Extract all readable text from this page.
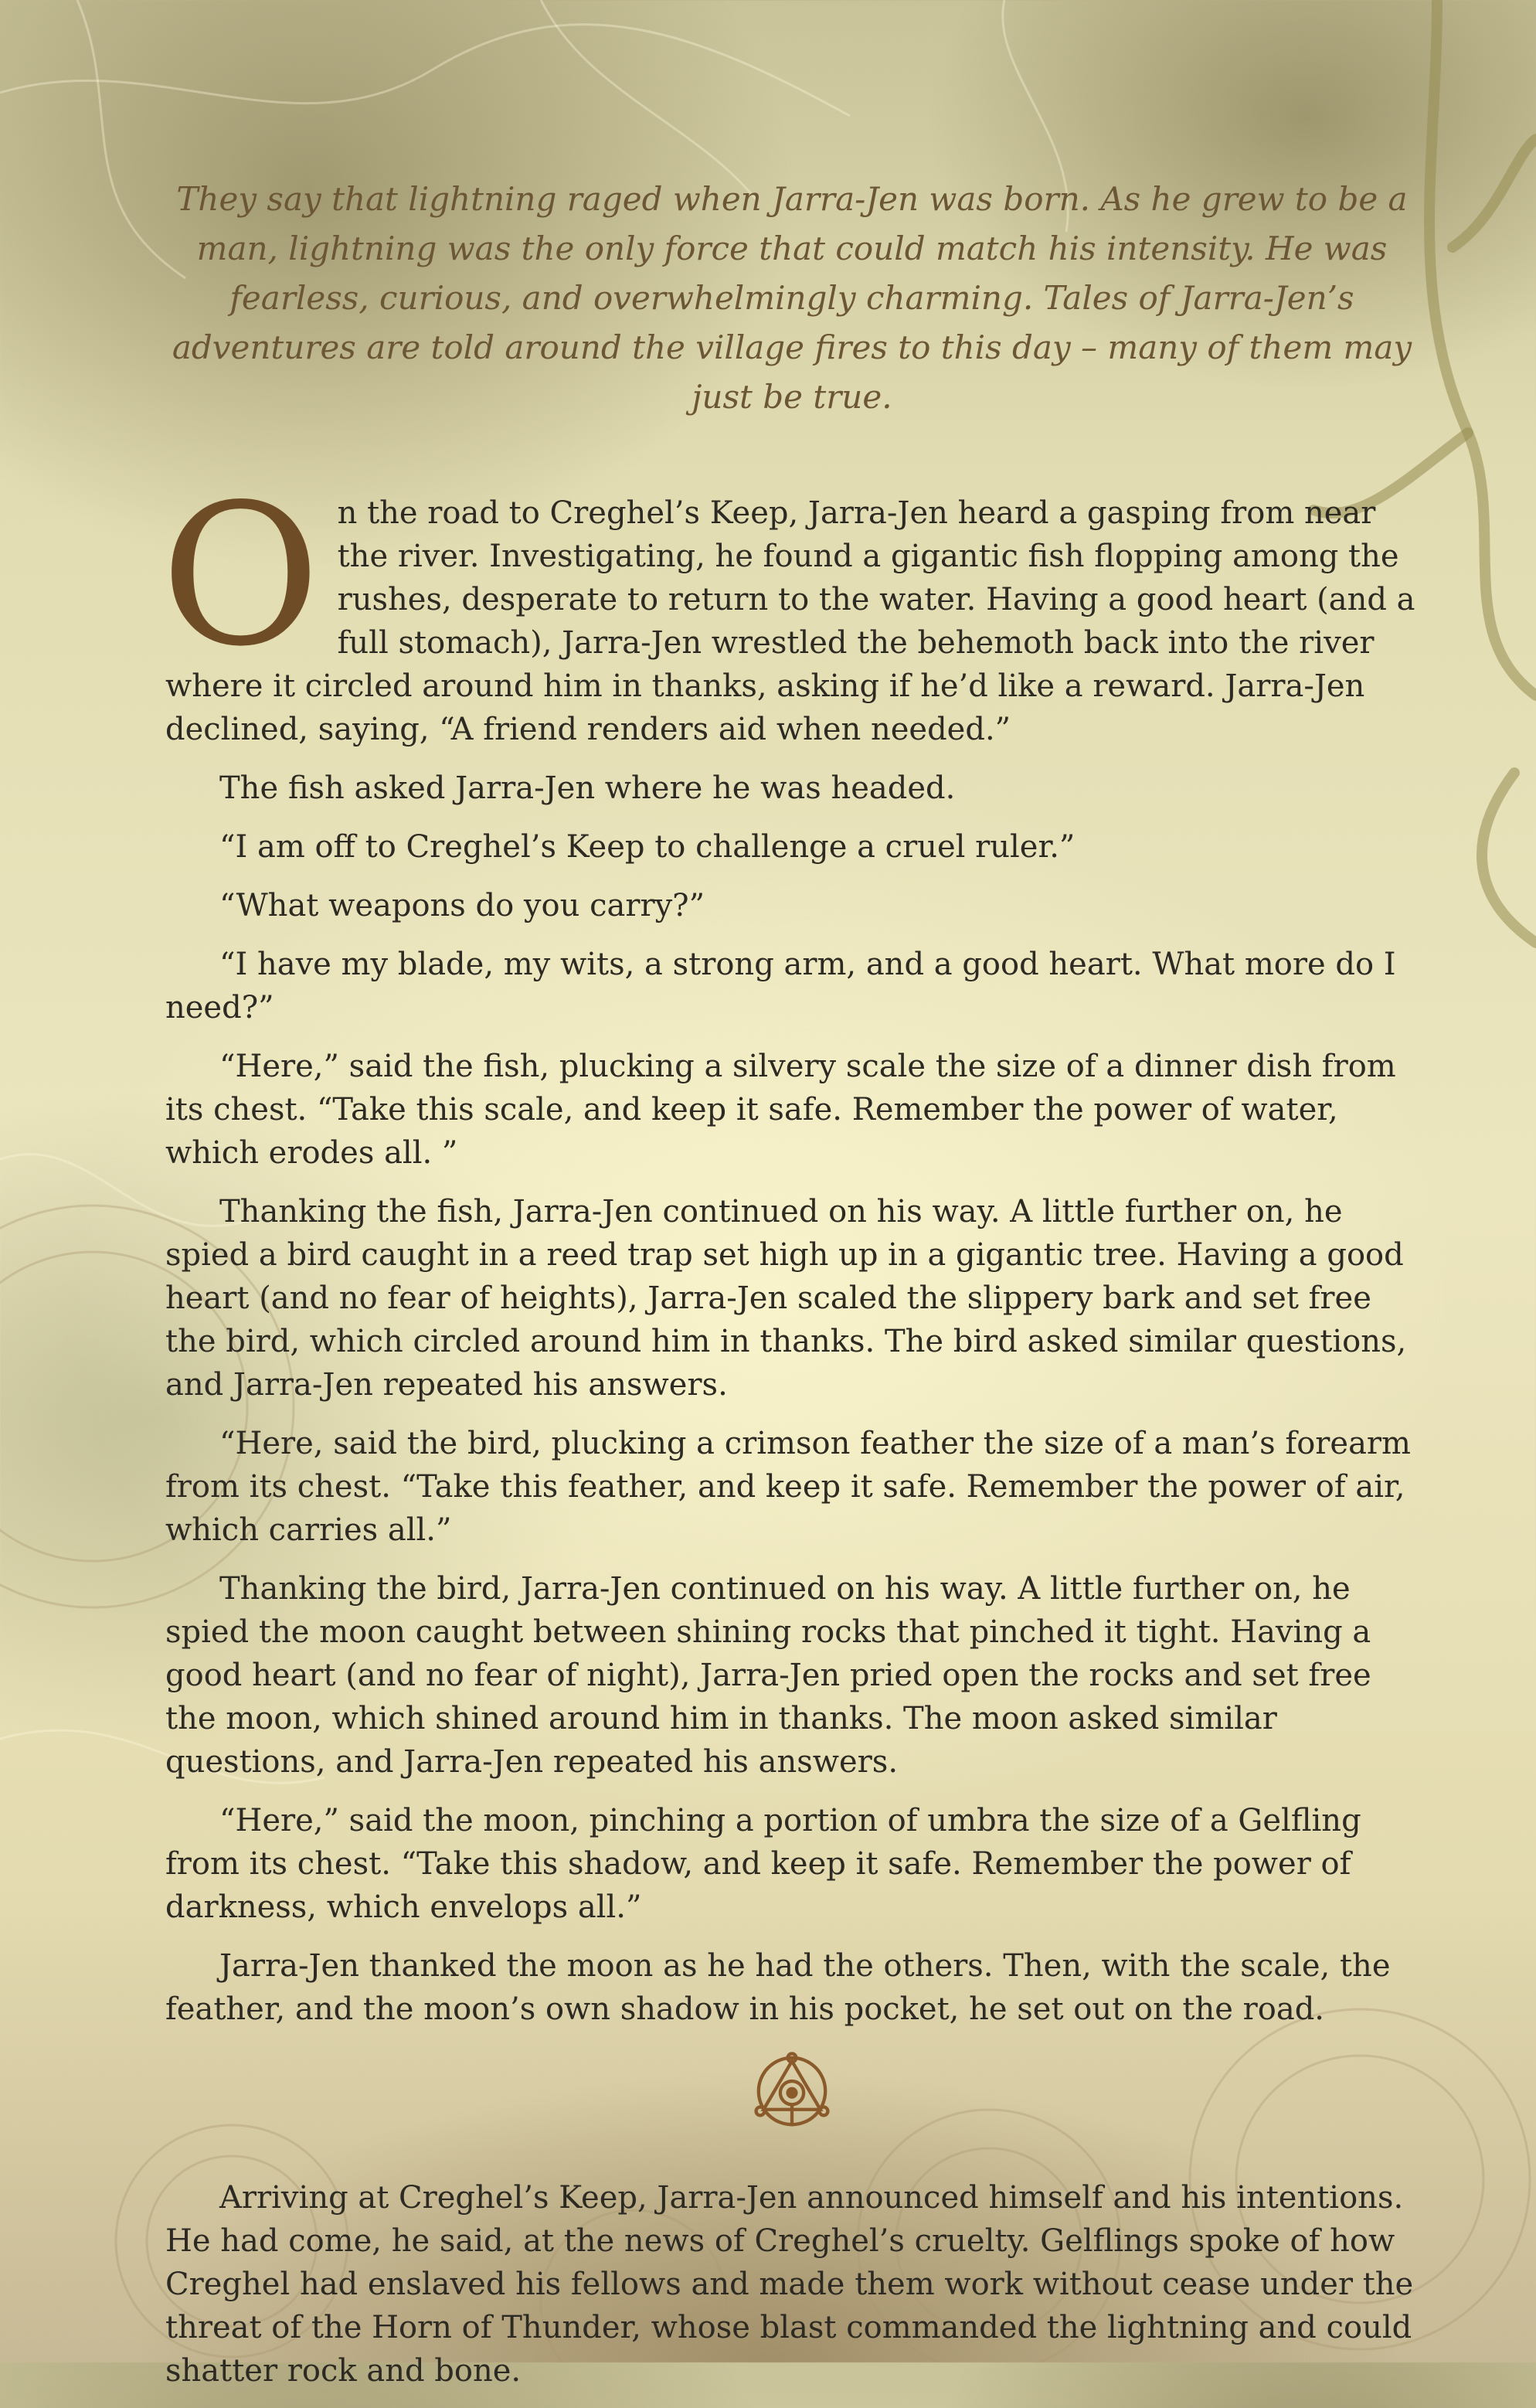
They say that lightning raged when Jarra-Jen was born. As he grew to be a man, lightning was the only force that could match his intensity. He was fearless, curious, and overwhelmingly charming. Tales of Jarra-Jen’s adventures are told around the village fires to this day – many of them may just be true.

On the road to Creghel’s Keep, Jarra-Jen heard a gasping from near the river. Investigating, he found a gigantic fish flopping among the rushes, desperate to return to the water. Having a good heart (and a full stomach), Jarra-Jen wrestled the behemoth back into the river where it circled around him in thanks, asking if he’d like a reward. Jarra-Jen declined, saying, “A friend renders aid when needed.”

The fish asked Jarra-Jen where he was headed.

“I am off to Creghel’s Keep to challenge a cruel ruler.”

“What weapons do you carry?”

“I have my blade, my wits, a strong arm, and a good heart. What more do I need?”

“Here,” said the fish, plucking a silvery scale the size of a dinner dish from its chest. “Take this scale, and keep it safe. Remember the power of water, which erodes all. ”

Thanking the fish, Jarra-Jen continued on his way. A little further on, he spied a bird caught in a reed trap set high up in a gigantic tree. Having a good heart (and no fear of heights), Jarra-Jen scaled the slippery bark and set free the bird, which circled around him in thanks. The bird asked similar questions, and Jarra-Jen repeated his answers.

“Here, said the bird, plucking a crimson feather the size of a man’s forearm from its chest. “Take this feather, and keep it safe. Remember the power of air, which carries all.”

Thanking the bird, Jarra-Jen continued on his way. A little further on, he spied the moon caught between shining rocks that pinched it tight. Having a good heart (and no fear of night), Jarra-Jen pried open the rocks and set free the moon, which shined around him in thanks. The moon asked similar questions, and Jarra-Jen repeated his answers.

“Here,” said the moon, pinching a portion of umbra the size of a Gelfling from its chest. “Take this shadow, and keep it safe. Remember the power of darkness, which envelops all.”

Jarra-Jen thanked the moon as he had the others. Then, with the scale, the feather, and the moon’s own shadow in his pocket, he set out on the road.

Arriving at Creghel’s Keep, Jarra-Jen announced himself and his intentions. He had come, he said, at the news of Creghel’s cruelty. Gelflings spoke of how Creghel had enslaved his fellows and made them work without cease under the threat of the Horn of Thunder, whose blast commanded the lightning and could shatter rock and bone.
